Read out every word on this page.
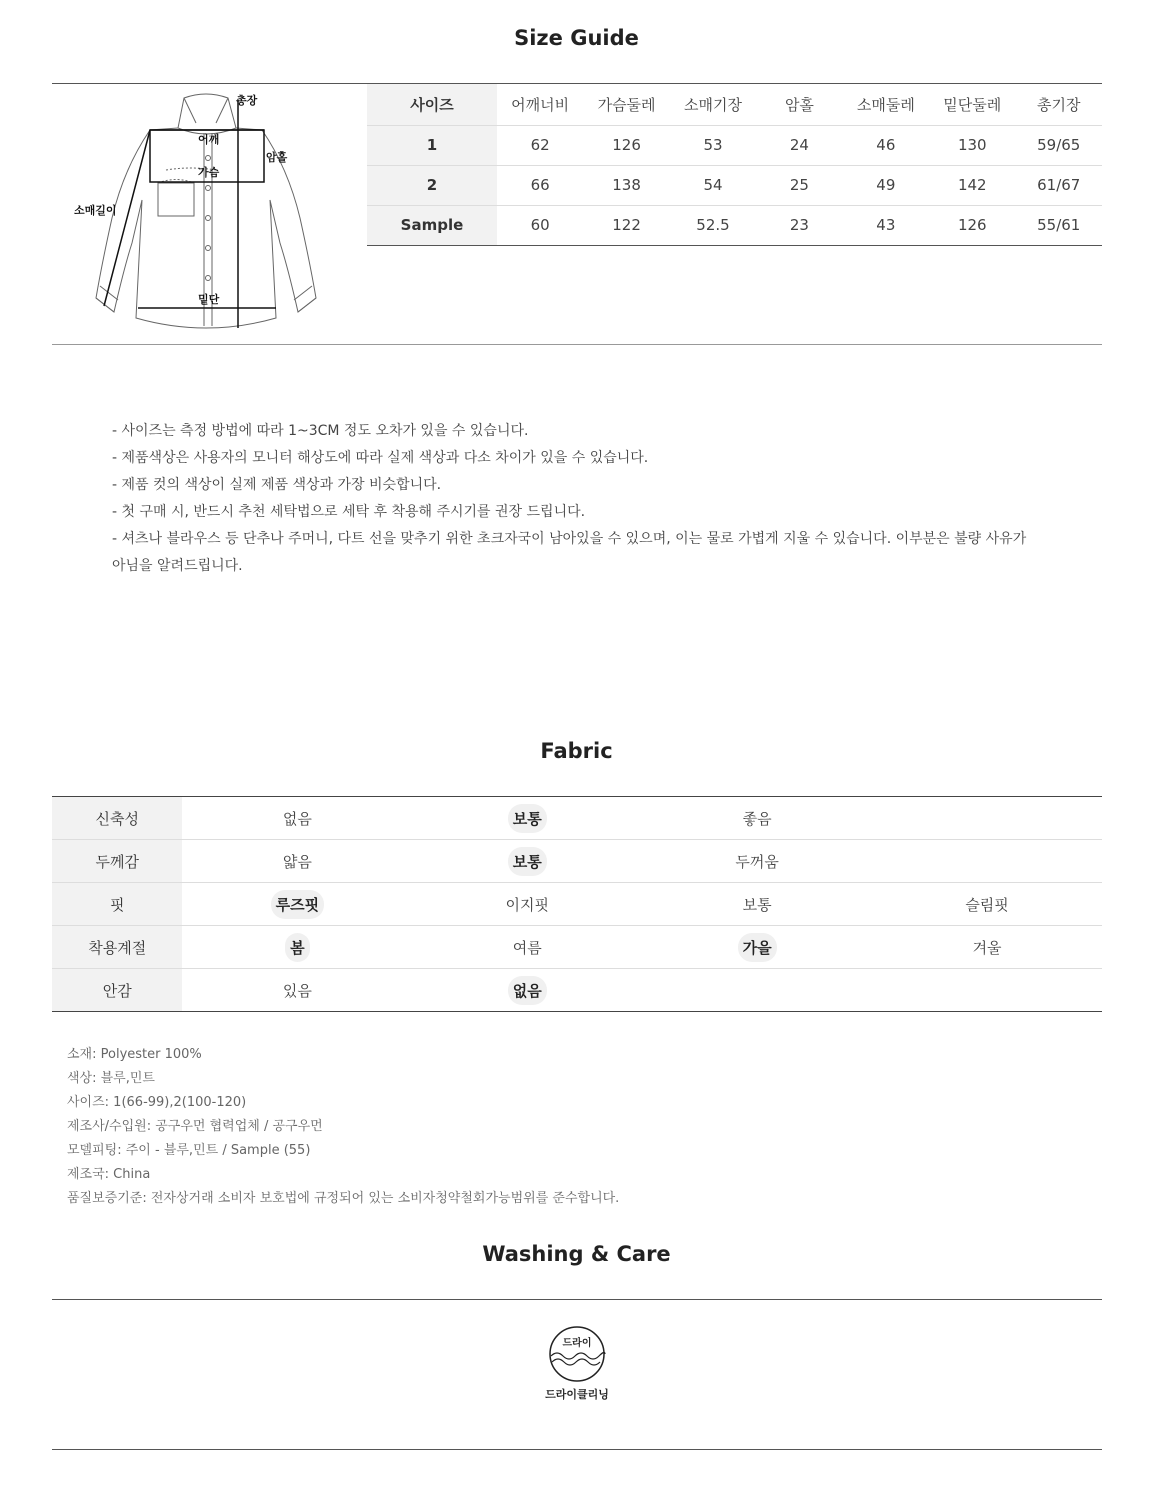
Size Guide
총장
어깨
암홀
가슴
소매길이
밑단
사이즈	어깨너비	가슴둘레	소매기장	암홀	소매둘레	밑단둘레	총기장
1	62	126	53	24	46	130	59/65
2	66	138	54	25	49	142	61/67
Sample	60	122	52.5	23	43	126	55/61

- 사이즈는 측정 방법에 따라 1~3CM 정도 오차가 있을 수 있습니다.

- 제품색상은 사용자의 모니터 해상도에 따라 실제 색상과 다소 차이가 있을 수 있습니다.

- 제품 컷의 색상이 실제 제품 색상과 가장 비슷합니다.

- 첫 구매 시, 반드시 추천 세탁법으로 세탁 후 착용해 주시기를 권장 드립니다.

- 셔츠나 블라우스 등 단추나 주머니, 다트 선을 맞추기 위한 초크자국이 남아있을 수 있으며, 이는 물로 가볍게 지울 수 있습니다. 이부분은 불량 사유가

아님을 알려드립니다.

Fabric
신축성	없음	보통	좋음	
두께감	얇음	보통	두꺼움	
핏	루즈핏	이지핏	보통	슬림핏
착용계절	봄	여름	가을	겨울
안감	있음	없음		

소재: Polyester 100%

색상: 블루,민트

사이즈: 1(66-99),2(100-120)

제조사/수입원: 공구우먼 협력업체 / 공구우먼

모델피팅: 주이 - 블루,민트 / Sample (55)

제조국: China

품질보증기준: 전자상거래 소비자 보호법에 규정되어 있는 소비자청약철회가능범위를 준수합니다.

Washing & Care
드라이
드라이클리닝
